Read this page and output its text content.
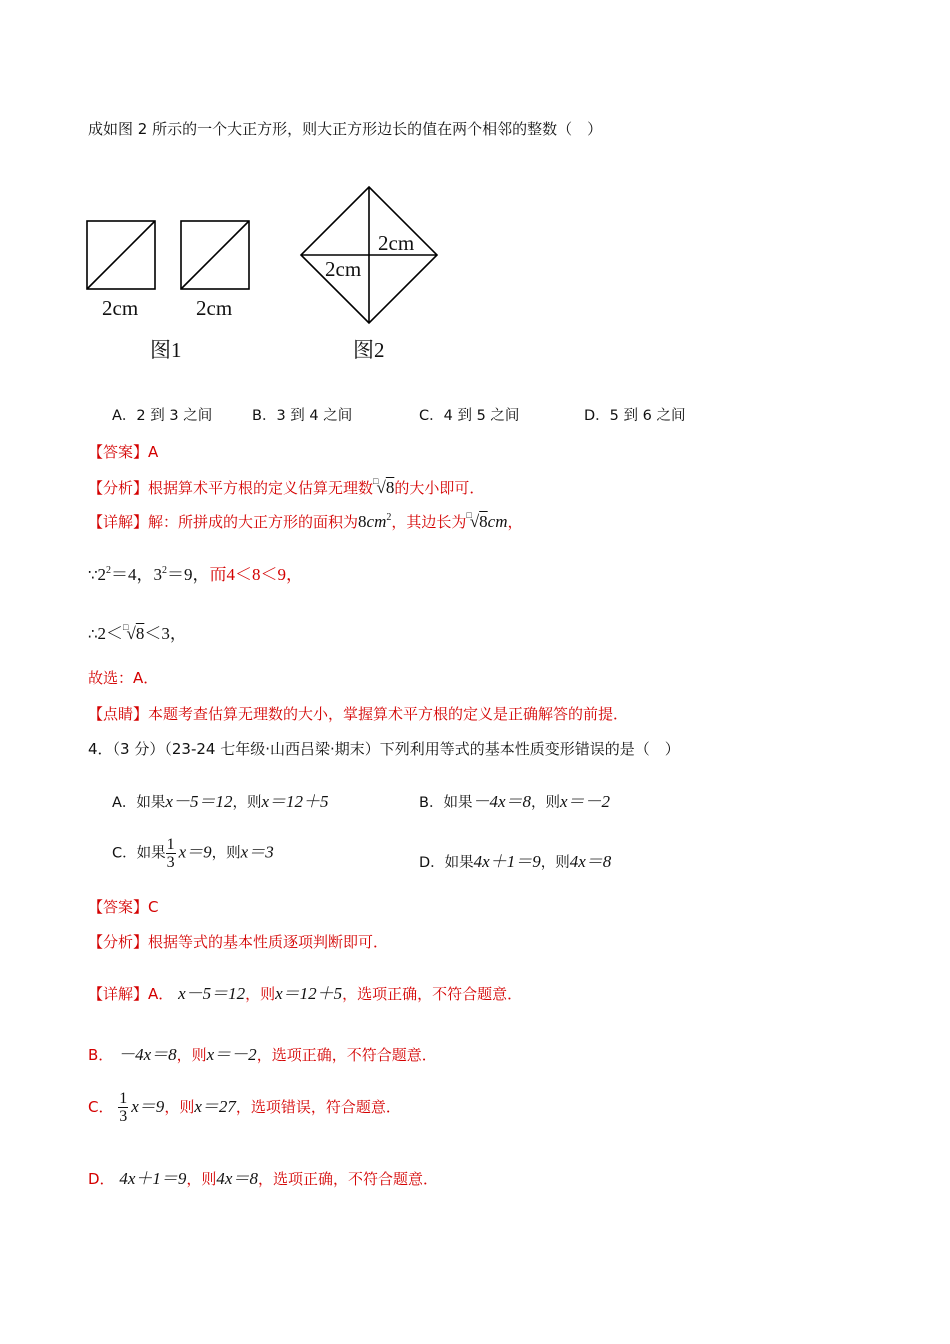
成如图 2 所示的一个大正方形，则大正方形边长的值在两个相邻的整数（　）
2cm	2cm
2cm
2cm
图1	图2
A．2 到 3 之间	B．3 到 4 之间	C．4 到 5 之间	D．5 到 6 之间
【答案】A
【分析】根据算术平方根的定义估算无理数□√8的大小即可．
【详解】解：所拼成的大正方形的面积为$8cm^2$，其边长为□√8cm，
$\because 2^2=4$，$3^2=9$，而4＜8＜9，
∴2＜□√8＜3，
故选：A．
【点睛】本题考查估算无理数的大小，掌握算术平方根的定义是正确解答的前提．
4．（3 分）（23-24 七年级·山西吕梁·期末）下列利用等式的基本性质变形错误的是（　）
A．如果x－5＝12，则x＝12＋5	B．如果－4x＝8，则x＝－2
C．如果 $\frac{1}{3} x=9$，则x＝3
D．如果4x＋1＝9，则4x＝8
【答案】C
【分析】根据等式的基本性质逐项判断即可．
【详解】A． x－5＝12，则x＝12＋5，选项正确，不符合题意．
B． －4x＝8，则x＝－2，选项正确，不符合题意．
C． $\frac{1}{3} x=9$，则x＝27，选项错误，符合题意．
D． 4x＋1＝9，则4x＝8，选项正确，不符合题意．
